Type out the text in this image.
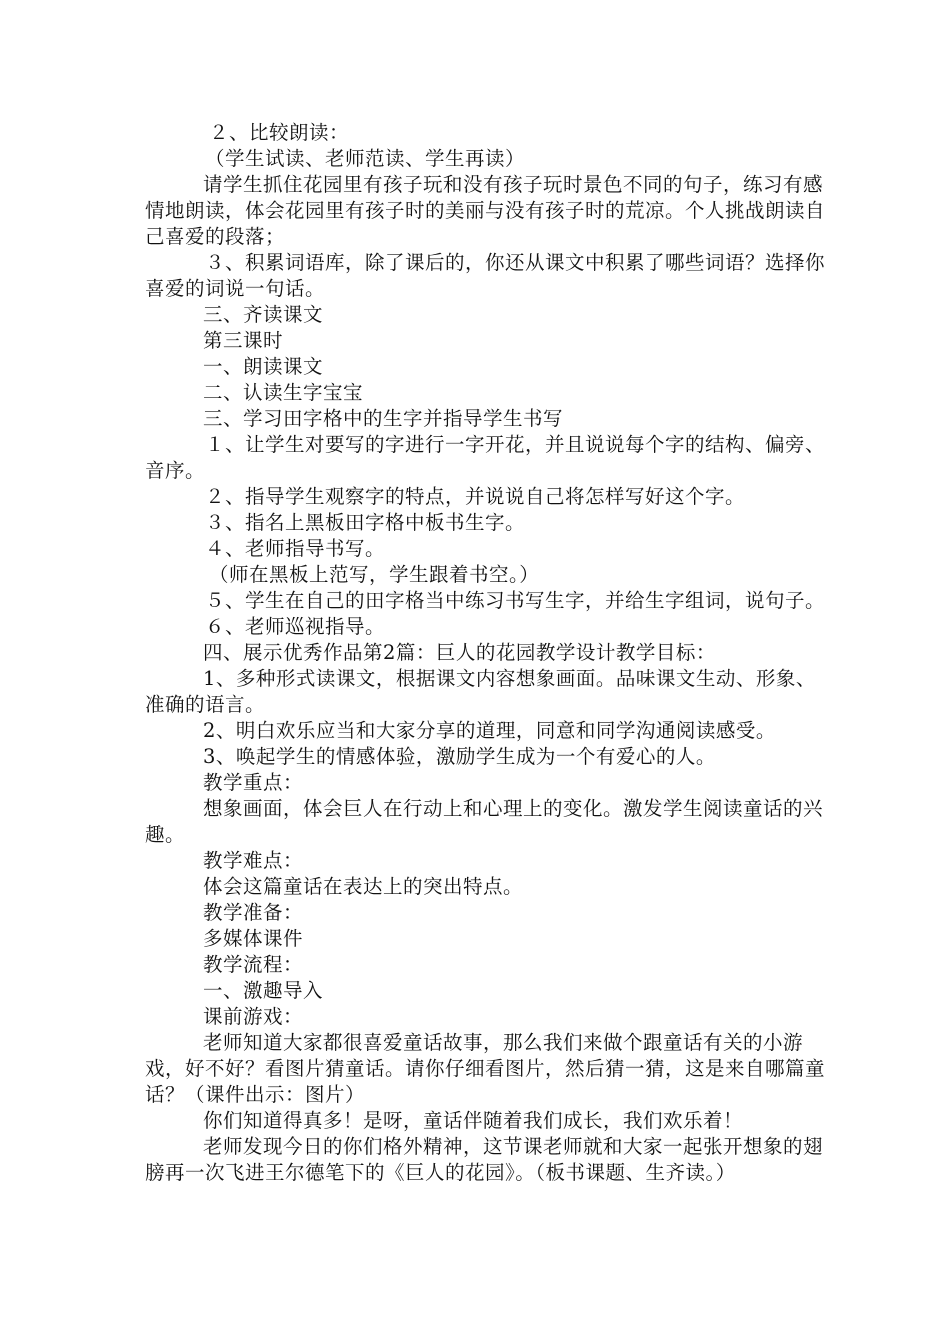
２、比较朗读：

（学生试读、老师范读、学生再读）

请学生抓住花园里有孩子玩和没有孩子玩时景色不同的句子，练习有感情地朗读，体会花园里有孩子时的美丽与没有孩子时的荒凉。个人挑战朗读自己喜爱的段落；

３、积累词语库，除了课后的，你还从课文中积累了哪些词语？选择你喜爱的词说一句话。

三、齐读课文

第三课时

一、朗读课文

二、认读生字宝宝

三、学习田字格中的生字并指导学生书写

１、让学生对要写的字进行一字开花，并且说说每个字的结构、偏旁、音序。

２、指导学生观察字的特点，并说说自己将怎样写好这个字。

３、指名上黑板田字格中板书生字。

４、老师指导书写。

（师在黑板上范写，学生跟着书空。）

５、学生在自己的田字格当中练习书写生字，并给生字组词，说句子。

６、老师巡视指导。

四、展示优秀作品第2篇：巨人的花园教学设计教学目标：

1、多种形式读课文，根据课文内容想象画面。品味课文生动、形象、准确的语言。

2、明白欢乐应当和大家分享的道理，同意和同学沟通阅读感受。

3、唤起学生的情感体验，激励学生成为一个有爱心的人。

教学重点：

想象画面，体会巨人在行动上和心理上的变化。激发学生阅读童话的兴趣。

教学难点：

体会这篇童话在表达上的突出特点。

教学准备：

多媒体课件

教学流程：

一、激趣导入

课前游戏：

老师知道大家都很喜爱童话故事，那么我们来做个跟童话有关的小游戏，好不好？看图片猜童话。请你仔细看图片，然后猜一猜，这是来自哪篇童话？（课件出示：图片）

你们知道得真多！是呀，童话伴随着我们成长，我们欢乐着！

老师发现今日的你们格外精神，这节课老师就和大家一起张开想象的翅膀再一次飞进王尔德笔下的《巨人的花园》。（板书课题、生齐读。）
